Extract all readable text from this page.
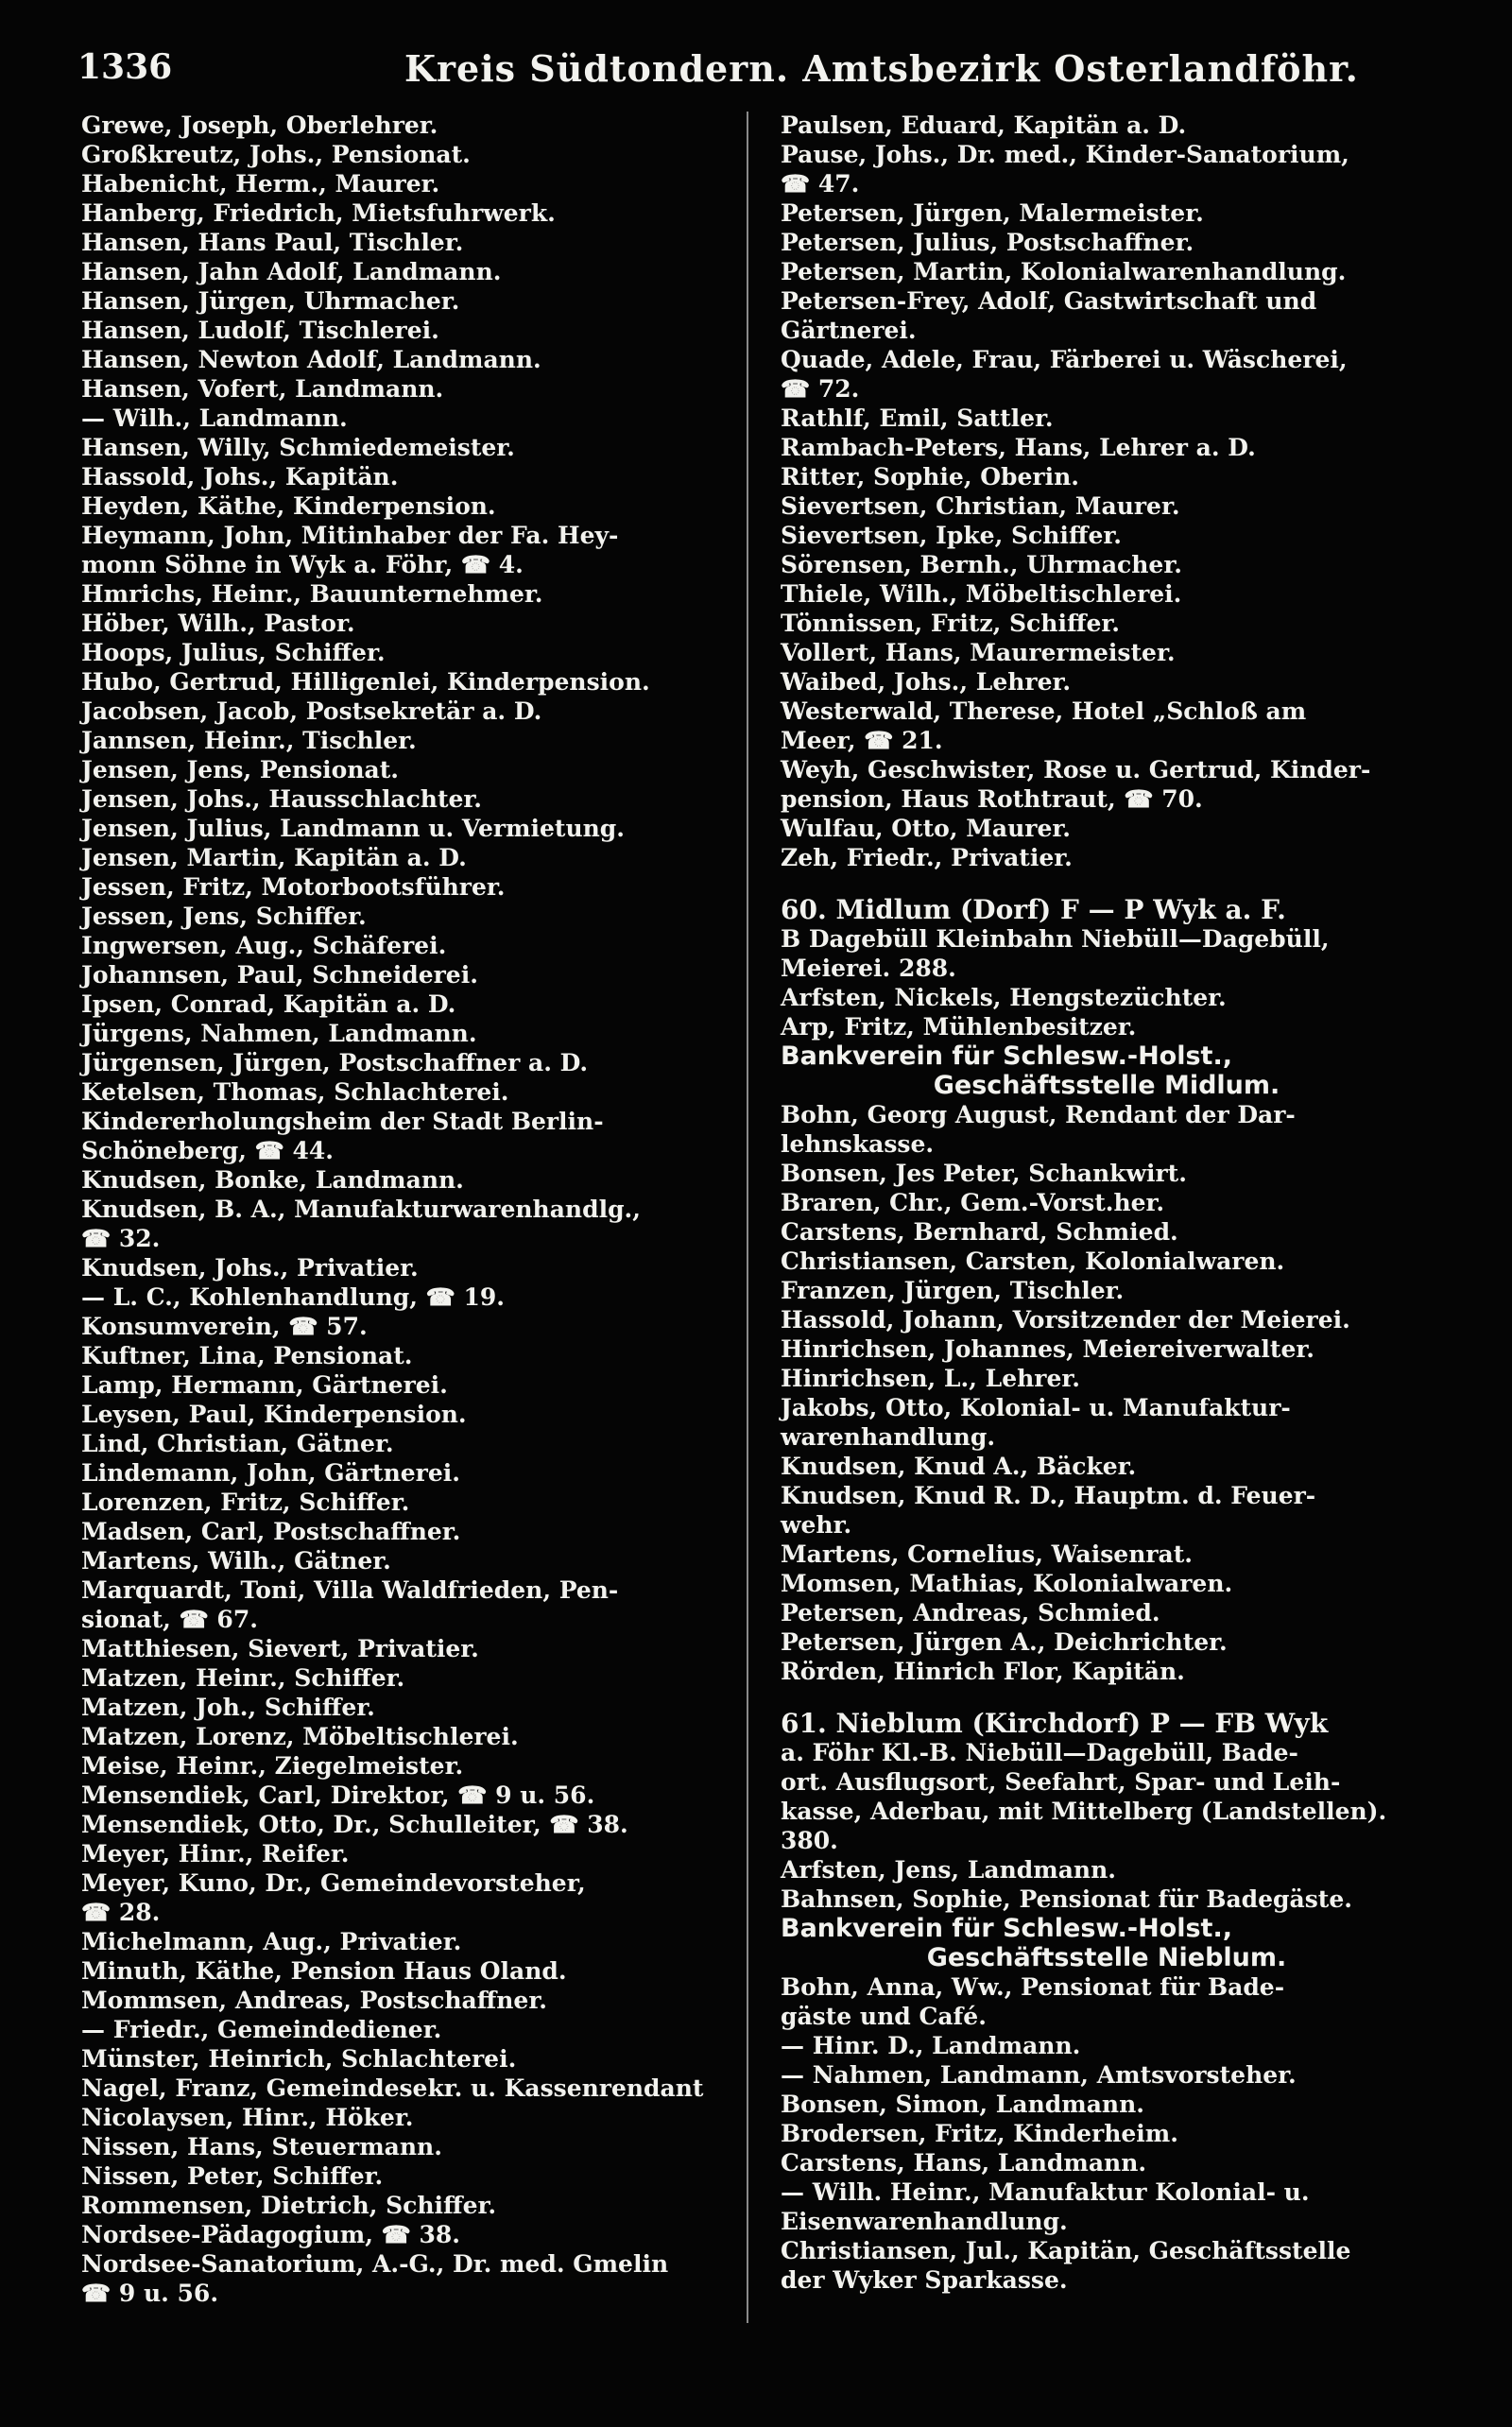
1336	Kreis Südtondern. Amtsbezirk Osterlandföhr.
Grewe, Joseph, Oberlehrer.
Großkreutz, Johs., Pensionat.
Habenicht, Herm., Maurer.
Hanberg, Friedrich, Mietsfuhrwerk.
Hansen, Hans Paul, Tischler.
Hansen, Jahn Adolf, Landmann.
Hansen, Jürgen, Uhrmacher.
Hansen, Ludolf, Tischlerei.
Hansen, Newton Adolf, Landmann.
Hansen, Vofert, Landmann.
— Wilh., Landmann.
Hansen, Willy, Schmiedemeister.
Hassold, Johs., Kapitän.
Heyden, Käthe, Kinderpension.
Heymann, John, Mitinhaber der Fa. Hey-
monn Söhne in Wyk a. Föhr, ☎ 4.
Hmrichs, Heinr., Bauunternehmer.
Höber, Wilh., Pastor.
Hoops, Julius, Schiffer.
Hubo, Gertrud, Hilligenlei, Kinderpension.
Jacobsen, Jacob, Postsekretär a. D.
Jannsen, Heinr., Tischler.
Jensen, Jens, Pensionat.
Jensen, Johs., Hausschlachter.
Jensen, Julius, Landmann u. Vermietung.
Jensen, Martin, Kapitän a. D.
Jessen, Fritz, Motorbootsführer.
Jessen, Jens, Schiffer.
Ingwersen, Aug., Schäferei.
Johannsen, Paul, Schneiderei.
Ipsen, Conrad, Kapitän a. D.
Jürgens, Nahmen, Landmann.
Jürgensen, Jürgen, Postschaffner a. D.
Ketelsen, Thomas, Schlachterei.
Kindererholungsheim der Stadt Berlin-
Schöneberg, ☎ 44.
Knudsen, Bonke, Landmann.
Knudsen, B. A., Manufakturwarenhandlg.,
☎ 32.
Knudsen, Johs., Privatier.
— L. C., Kohlenhandlung, ☎ 19.
Konsumverein, ☎ 57.
Kuftner, Lina, Pensionat.
Lamp, Hermann, Gärtnerei.
Leysen, Paul, Kinderpension.
Lind, Christian, Gätner.
Lindemann, John, Gärtnerei.
Lorenzen, Fritz, Schiffer.
Madsen, Carl, Postschaffner.
Martens, Wilh., Gätner.
Marquardt, Toni, Villa Waldfrieden, Pen-
sionat, ☎ 67.
Matthiesen, Sievert, Privatier.
Matzen, Heinr., Schiffer.
Matzen, Joh., Schiffer.
Matzen, Lorenz, Möbeltischlerei.
Meise, Heinr., Ziegelmeister.
Mensendiek, Carl, Direktor, ☎ 9 u. 56.
Mensendiek, Otto, Dr., Schulleiter, ☎ 38.
Meyer, Hinr., Reifer.
Meyer, Kuno, Dr., Gemeindevorsteher,
☎ 28.
Michelmann, Aug., Privatier.
Minuth, Käthe, Pension Haus Oland.
Mommsen, Andreas, Postschaffner.
— Friedr., Gemeindediener.
Münster, Heinrich, Schlachterei.
Nagel, Franz, Gemeindesekr. u. Kassenrendant
Nicolaysen, Hinr., Höker.
Nissen, Hans, Steuermann.
Nissen, Peter, Schiffer.
Rommensen, Dietrich, Schiffer.
Nordsee-Pädagogium, ☎ 38.
Nordsee-Sanatorium, A.-G., Dr. med. Gmelin
☎ 9 u. 56.
Paulsen, Eduard, Kapitän a. D.
Pause, Johs., Dr. med., Kinder-Sanatorium,
☎ 47.
Petersen, Jürgen, Malermeister.
Petersen, Julius, Postschaffner.
Petersen, Martin, Kolonialwarenhandlung.
Petersen-Frey, Adolf, Gastwirtschaft und
Gärtnerei.
Quade, Adele, Frau, Färberei u. Wäscherei,
☎ 72.
Rathlf, Emil, Sattler.
Rambach-Peters, Hans, Lehrer a. D.
Ritter, Sophie, Oberin.
Sievertsen, Christian, Maurer.
Sievertsen, Ipke, Schiffer.
Sörensen, Bernh., Uhrmacher.
Thiele, Wilh., Möbeltischlerei.
Tönnissen, Fritz, Schiffer.
Vollert, Hans, Maurermeister.
Waibed, Johs., Lehrer.
Westerwald, Therese, Hotel „Schloß am
Meer, ☎ 21.
Weyh, Geschwister, Rose u. Gertrud, Kinder-
pension, Haus Rothtraut, ☎ 70.
Wulfau, Otto, Maurer.
Zeh, Friedr., Privatier.
60. Midlum (Dorf) F — P Wyk a. F.
B Dagebüll Kleinbahn Niebüll—Dagebüll,
Meierei. 288.
Arfsten, Nickels, Hengstezüchter.
Arp, Fritz, Mühlenbesitzer.
Bankverein für Schlesw.-Holst.,
Geschäftsstelle Midlum.
Bohn, Georg August, Rendant der Dar-
lehnskasse.
Bonsen, Jes Peter, Schankwirt.
Braren, Chr., Gem.-Vorst.her.
Carstens, Bernhard, Schmied.
Christiansen, Carsten, Kolonialwaren.
Franzen, Jürgen, Tischler.
Hassold, Johann, Vorsitzender der Meierei.
Hinrichsen, Johannes, Meiereiverwalter.
Hinrichsen, L., Lehrer.
Jakobs, Otto, Kolonial- u. Manufaktur-
warenhandlung.
Knudsen, Knud A., Bäcker.
Knudsen, Knud R. D., Hauptm. d. Feuer-
wehr.
Martens, Cornelius, Waisenrat.
Momsen, Mathias, Kolonialwaren.
Petersen, Andreas, Schmied.
Petersen, Jürgen A., Deichrichter.
Rörden, Hinrich Flor, Kapitän.
61. Nieblum (Kirchdorf) P — FB Wyk
a. Föhr Kl.-B. Niebüll—Dagebüll, Bade-
ort. Ausflugsort, Seefahrt, Spar- und Leih-
kasse, Aderbau, mit Mittelberg (Landstellen).
380.
Arfsten, Jens, Landmann.
Bahnsen, Sophie, Pensionat für Badegäste.
Bankverein für Schlesw.-Holst.,
Geschäftsstelle Nieblum.
Bohn, Anna, Ww., Pensionat für Bade-
gäste und Café.
— Hinr. D., Landmann.
— Nahmen, Landmann, Amtsvorsteher.
Bonsen, Simon, Landmann.
Brodersen, Fritz, Kinderheim.
Carstens, Hans, Landmann.
— Wilh. Heinr., Manufaktur Kolonial- u.
Eisenwarenhandlung.
Christiansen, Jul., Kapitän, Geschäftsstelle
der Wyker Sparkasse.
